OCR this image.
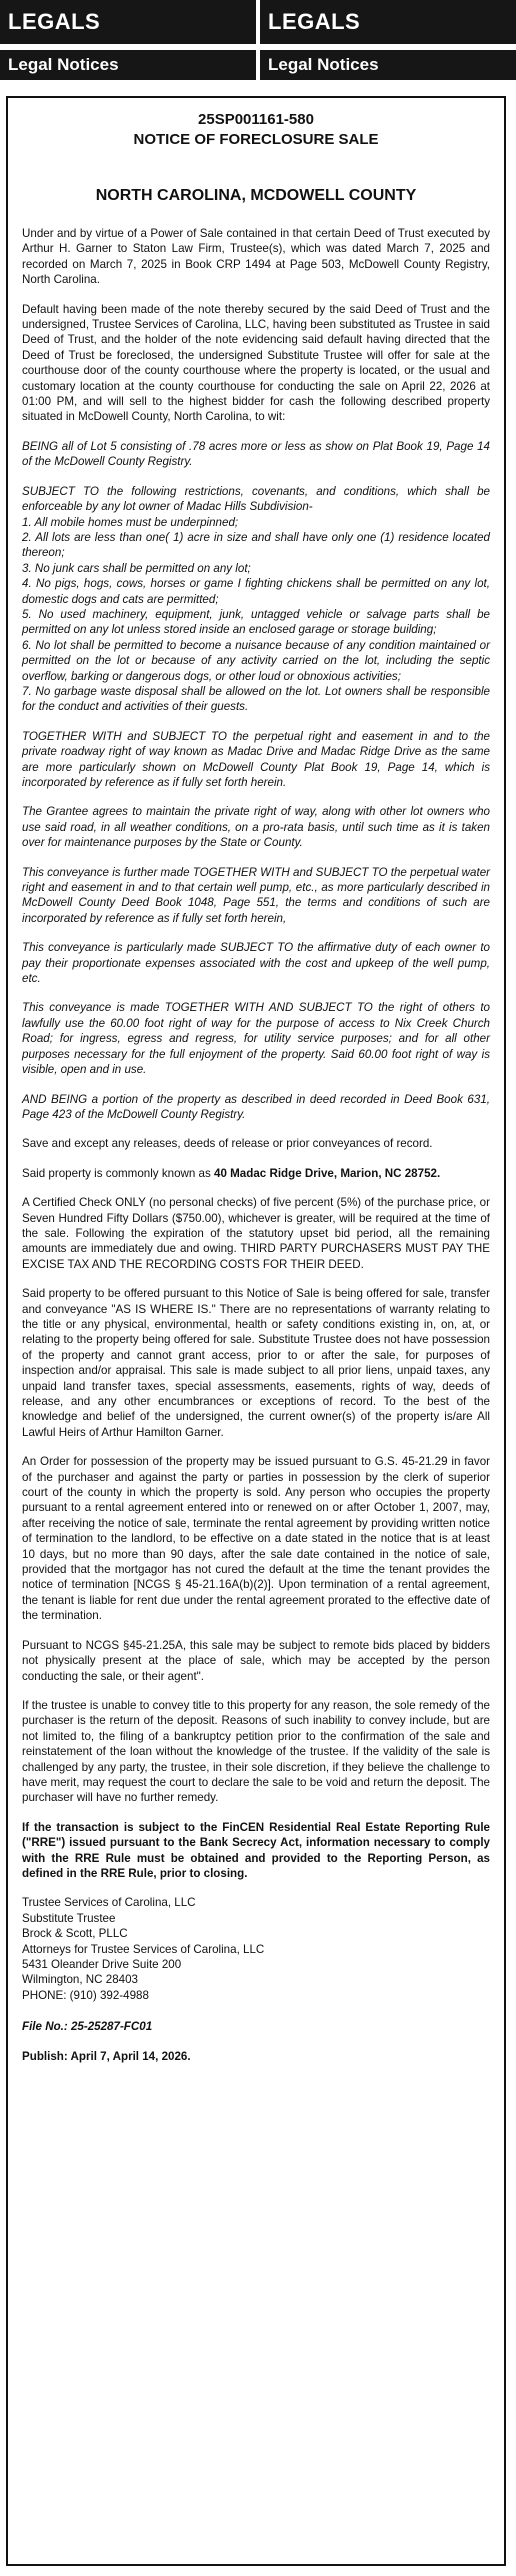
LEGALS
Legal Notices
LEGALS
Legal Notices
25SP001161-580
NOTICE OF FORECLOSURE SALE
NORTH CAROLINA, MCDOWELL COUNTY

Under and by virtue of a Power of Sale contained in that certain Deed of Trust executed by Arthur H. Garner to Staton Law Firm, Trustee(s), which was dated March 7, 2025 and recorded on March 7, 2025 in Book CRP 1494 at Page 503, McDowell County Registry, North Carolina.

Default having been made of the note thereby secured by the said Deed of Trust and the undersigned, Trustee Services of Carolina, LLC, having been substituted as Trustee in said Deed of Trust, and the holder of the note evidencing said default having directed that the Deed of Trust be foreclosed, the undersigned Substitute Trustee will offer for sale at the courthouse door of the county courthouse where the property is located, or the usual and customary location at the county courthouse for conducting the sale on April 22, 2026 at 01:00 PM, and will sell to the highest bidder for cash the following described property situated in McDowell County, North Carolina, to wit:

BEING all of Lot 5 consisting of .78 acres more or less as show on Plat Book 19, Page 14 of the McDowell County Registry.

SUBJECT TO the following restrictions, covenants, and conditions, which shall be enforceable by any lot owner of Madac Hills Subdivision-
1. All mobile homes must be underpinned;
2. All lots are less than one( 1) acre in size and shall have only one (1) residence located thereon;
3. No junk cars shall be permitted on any lot;
4. No pigs, hogs, cows, horses or game I fighting chickens shall be permitted on any lot, domestic dogs and cats are permitted;
5. No used machinery, equipment, junk, untagged vehicle or salvage parts shall be permitted on any lot unless stored inside an enclosed garage or storage building;
6. No lot shall be permitted to become a nuisance because of any condition maintained or permitted on the lot or because of any activity carried on the lot, including the septic overflow, barking or dangerous dogs, or other loud or obnoxious activities;
7. No garbage waste disposal shall be allowed on the lot. Lot owners shall be responsible for the conduct and activities of their guests.

TOGETHER WITH and SUBJECT TO the perpetual right and easement in and to the private roadway right of way known as Madac Drive and Madac Ridge Drive as the same are more particularly shown on McDowell County Plat Book 19, Page 14, which is incorporated by reference as if fully set forth herein.

The Grantee agrees to maintain the private right of way, along with other lot owners who use said road, in all weather conditions, on a pro-rata basis, until such time as it is taken over for maintenance purposes by the State or County.

This conveyance is further made TOGETHER WITH and SUBJECT TO the perpetual water right and easement in and to that certain well pump, etc., as more particularly described in McDowell County Deed Book 1048, Page 551, the terms and conditions of such are incorporated by reference as if fully set forth herein,

This conveyance is particularly made SUBJECT TO the affirmative duty of each owner to pay their proportionate expenses associated with the cost and upkeep of the well pump, etc.

This conveyance is made TOGETHER WITH AND SUBJECT TO the right of others to lawfully use the 60.00 foot right of way for the purpose of access to Nix Creek Church Road; for ingress, egress and regress, for utility service purposes; and for all other purposes necessary for the full enjoyment of the property. Said 60.00 foot right of way is visible, open and in use.

AND BEING a portion of the property as described in deed recorded in Deed Book 631, Page 423 of the McDowell County Registry.

Save and except any releases, deeds of release or prior conveyances of record.

Said property is commonly known as 40 Madac Ridge Drive, Marion, NC 28752.

A Certified Check ONLY (no personal checks) of five percent (5%) of the purchase price, or Seven Hundred Fifty Dollars ($750.00), whichever is greater, will be required at the time of the sale. Following the expiration of the statutory upset bid period, all the remaining amounts are immediately due and owing. THIRD PARTY PURCHASERS MUST PAY THE EXCISE TAX AND THE RECORDING COSTS FOR THEIR DEED.

Said property to be offered pursuant to this Notice of Sale is being offered for sale, transfer and conveyance "AS IS WHERE IS." There are no representations of warranty relating to the title or any physical, environmental, health or safety conditions existing in, on, at, or relating to the property being offered for sale. Substitute Trustee does not have possession of the property and cannot grant access, prior to or after the sale, for purposes of inspection and/or appraisal. This sale is made subject to all prior liens, unpaid taxes, any unpaid land transfer taxes, special assessments, easements, rights of way, deeds of release, and any other encumbrances or exceptions of record. To the best of the knowledge and belief of the undersigned, the current owner(s) of the property is/are All Lawful Heirs of Arthur Hamilton Garner.

An Order for possession of the property may be issued pursuant to G.S. 45-21.29 in favor of the purchaser and against the party or parties in possession by the clerk of superior court of the county in which the property is sold. Any person who occupies the property pursuant to a rental agreement entered into or renewed on or after October 1, 2007, may, after receiving the notice of sale, terminate the rental agreement by providing written notice of termination to the landlord, to be effective on a date stated in the notice that is at least 10 days, but no more than 90 days, after the sale date contained in the notice of sale, provided that the mortgagor has not cured the default at the time the tenant provides the notice of termination [NCGS § 45-21.16A(b)(2)]. Upon termination of a rental agreement, the tenant is liable for rent due under the rental agreement prorated to the effective date of the termination.

Pursuant to NCGS §45-21.25A, this sale may be subject to remote bids placed by bidders not physically present at the place of sale, which may be accepted by the person conducting the sale, or their agent".

If the trustee is unable to convey title to this property for any reason, the sole remedy of the purchaser is the return of the deposit. Reasons of such inability to convey include, but are not limited to, the filing of a bankruptcy petition prior to the confirmation of the sale and reinstatement of the loan without the knowledge of the trustee. If the validity of the sale is challenged by any party, the trustee, in their sole discretion, if they believe the challenge to have merit, may request the court to declare the sale to be void and return the deposit. The purchaser will have no further remedy.

If the transaction is subject to the FinCEN Residential Real Estate Reporting Rule ("RRE") issued pursuant to the Bank Secrecy Act, information necessary to comply with the RRE Rule must be obtained and provided to the Reporting Person, as defined in the RRE Rule, prior to closing.

Trustee Services of Carolina, LLC

Substitute Trustee

Brock & Scott, PLLC

Attorneys for Trustee Services of Carolina, LLC

5431 Oleander Drive Suite 200

Wilmington, NC 28403

PHONE: (910) 392-4988

File No.: 25-25287-FC01
Publish: April 7, April 14, 2026.
